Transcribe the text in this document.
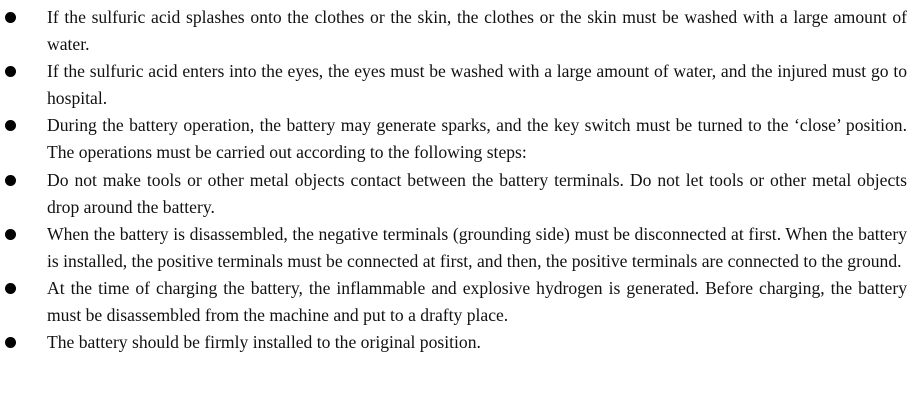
If the sulfuric acid splashes onto the clothes or the skin, the clothes or the skin must be washed with a large amount of water.
If the sulfuric acid enters into the eyes, the eyes must be washed with a large amount of water, and the injured must go to hospital.
During the battery operation, the battery may generate sparks, and the key switch must be turned to the ‘close’ position. The operations must be carried out according to the following steps:
Do not make tools or other metal objects contact between the battery terminals. Do not let tools or other metal objects drop around the battery.
When the battery is disassembled, the negative terminals (grounding side) must be disconnected at first. When the battery is installed, the positive terminals must be connected at first, and then, the positive terminals are connected to the ground.
At the time of charging the battery, the inflammable and explosive hydrogen is generated. Before charging, the battery must be disassembled from the machine and put to a drafty place.
The battery should be firmly installed to the original position.
